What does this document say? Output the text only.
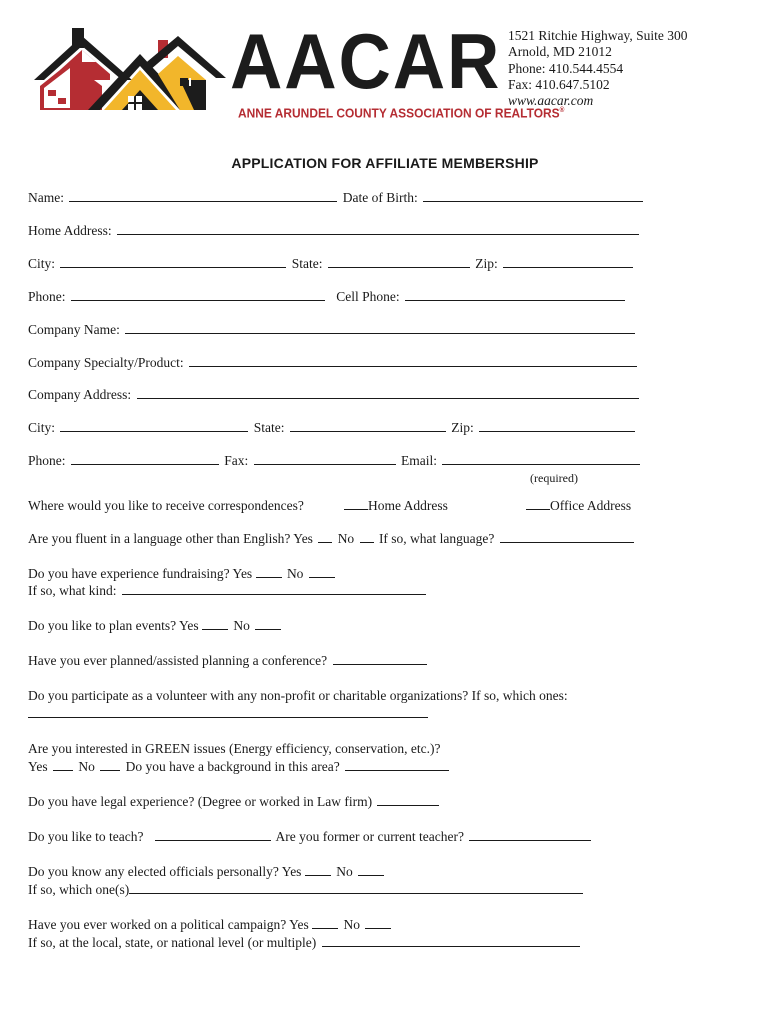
AACAR
ANNE ARUNDEL COUNTY ASSOCIATION OF REALTORS®
1521 Ritchie Highway, Suite 300
Arnold, MD 21012
Phone: 410.544.4554
Fax: 410.647.5102
www.aacar.com
APPLICATION FOR AFFILIATE MEMBERSHIP
Name:	Date of Birth:
Home Address:
City:	State:	Zip:
Phone:	Cell Phone:
Company Name:
Company Specialty/Product:
Company Address:
City:	State:	Zip:
Phone:	Fax:	Email:
(required)
Where would you like to receive correspondences?	Home Address	Office Address
Are you fluent in a language other than English? Yes No If so, what language?
Do you have experience fundraising? Yes	No
If so, what kind:
Do you like to plan events? Yes	No
Have you ever planned/assisted planning a conference?
Do you participate as a volunteer with any non-profit or charitable organizations? If so, which ones:
Are you interested in GREEN issues (Energy efficiency, conservation, etc.)?
Yes No Do you have a background in this area?
Do you have legal experience? (Degree or worked in Law firm)
Do you like to teach?	Are you former or current teacher?
Do you know any elected officials personally? Yes	No
If so, which one(s)
Have you ever worked on a political campaign? Yes	No
If so, at the local, state, or national level (or multiple)
